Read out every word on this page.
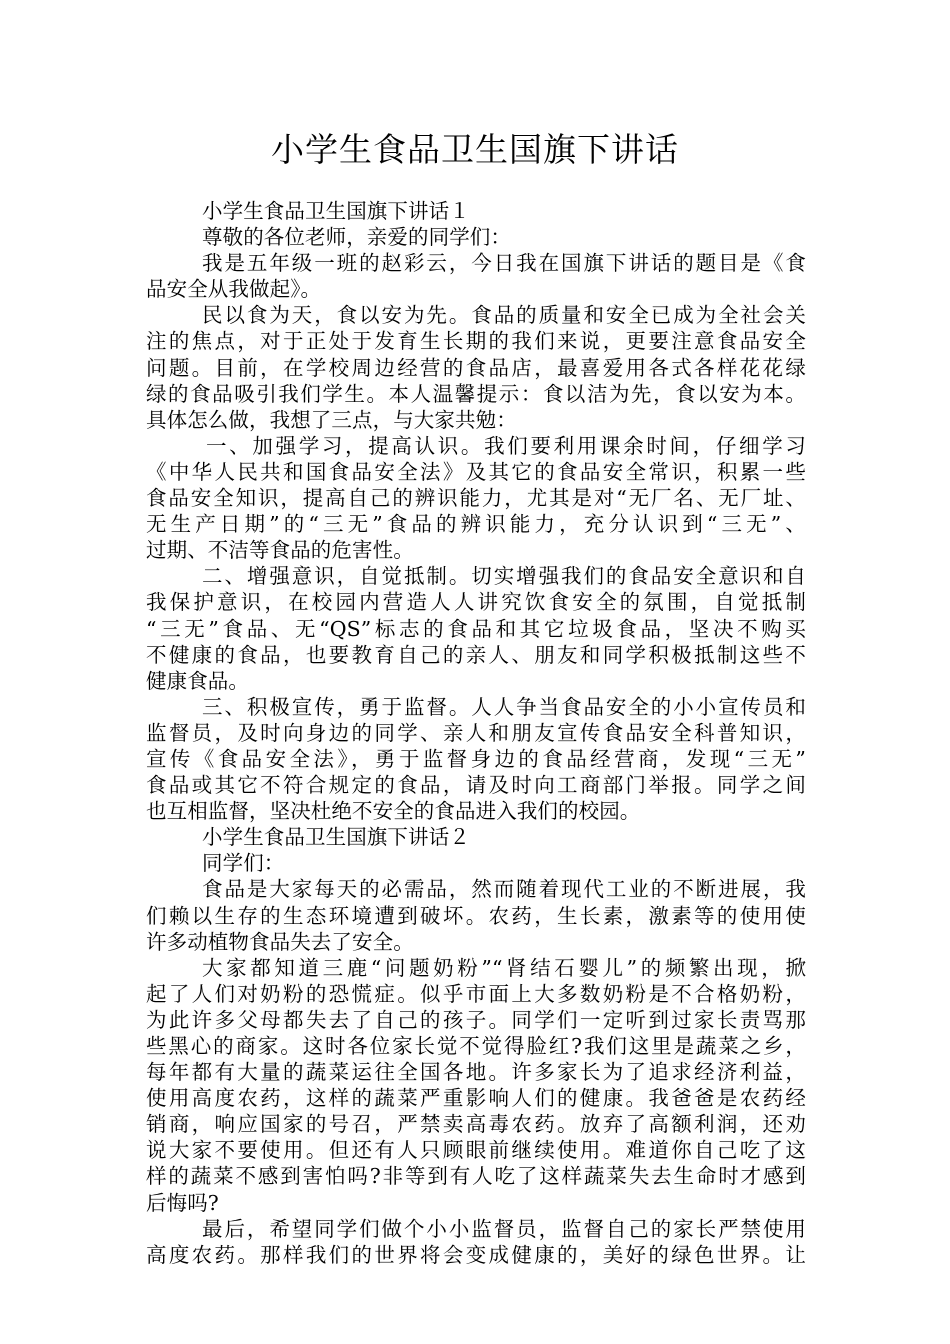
小学生食品卫生国旗下讲话
小学生食品卫生国旗下讲话１
尊敬的各位老师，亲爱的同学们：
我是五年级一班的赵彩云，今日我在国旗下讲话的题目是《食
品安全从我做起》。
民以食为天，食以安为先。食品的质量和安全已成为全社会关
注的焦点，对于正处于发育生长期的我们来说，更要注意食品安全
问题。目前，在学校周边经营的食品店，最喜爱用各式各样花花绿
绿的食品吸引我们学生。本人温馨提示：食以洁为先，食以安为本。
具体怎么做，我想了三点，与大家共勉：
一、加强学习，提高认识。我们要利用课余时间，仔细学习
《中华人民共和国食品安全法》及其它的食品安全常识，积累一些
食品安全知识，提高自己的辨识能力，尤其是对“无厂名、无厂址、
无生产日期”的“三无”食品的辨识能力，充分认识到“三无”、
过期、不洁等食品的危害性。
二、增强意识，自觉抵制。切实增强我们的食品安全意识和自
我保护意识，在校园内营造人人讲究饮食安全的氛围，自觉抵制
“三无”食品、无“QS”标志的食品和其它垃圾食品，坚决不购买
不健康的食品，也要教育自己的亲人、朋友和同学积极抵制这些不
健康食品。
三、积极宣传，勇于监督。人人争当食品安全的小小宣传员和
监督员，及时向身边的同学、亲人和朋友宣传食品安全科普知识，
宣传《食品安全法》，勇于监督身边的食品经营商，发现“三无”
食品或其它不符合规定的食品，请及时向工商部门举报。同学之间
也互相监督，坚决杜绝不安全的食品进入我们的校园。
小学生食品卫生国旗下讲话２
同学们：
食品是大家每天的必需品，然而随着现代工业的不断进展，我
们赖以生存的生态环境遭到破坏。农药，生长素，激素等的使用使
许多动植物食品失去了安全。
大家都知道三鹿“问题奶粉”“肾结石婴儿”的频繁出现，掀
起了人们对奶粉的恐慌症。似乎市面上大多数奶粉是不合格奶粉，
为此许多父母都失去了自己的孩子。同学们一定听到过家长责骂那
些黑心的商家。这时各位家长觉不觉得脸红?我们这里是蔬菜之乡，
每年都有大量的蔬菜运往全国各地。许多家长为了追求经济利益，
使用高度农药，这样的蔬菜严重影响人们的健康。我爸爸是农药经
销商，响应国家的号召，严禁卖高毒农药。放弃了高额利润，还劝
说大家不要使用。但还有人只顾眼前继续使用。难道你自己吃了这
样的蔬菜不感到害怕吗?非等到有人吃了这样蔬菜失去生命时才感到
后悔吗?
最后，希望同学们做个小小监督员，监督自己的家长严禁使用
高度农药。那样我们的世界将会变成健康的，美好的绿色世界。让
